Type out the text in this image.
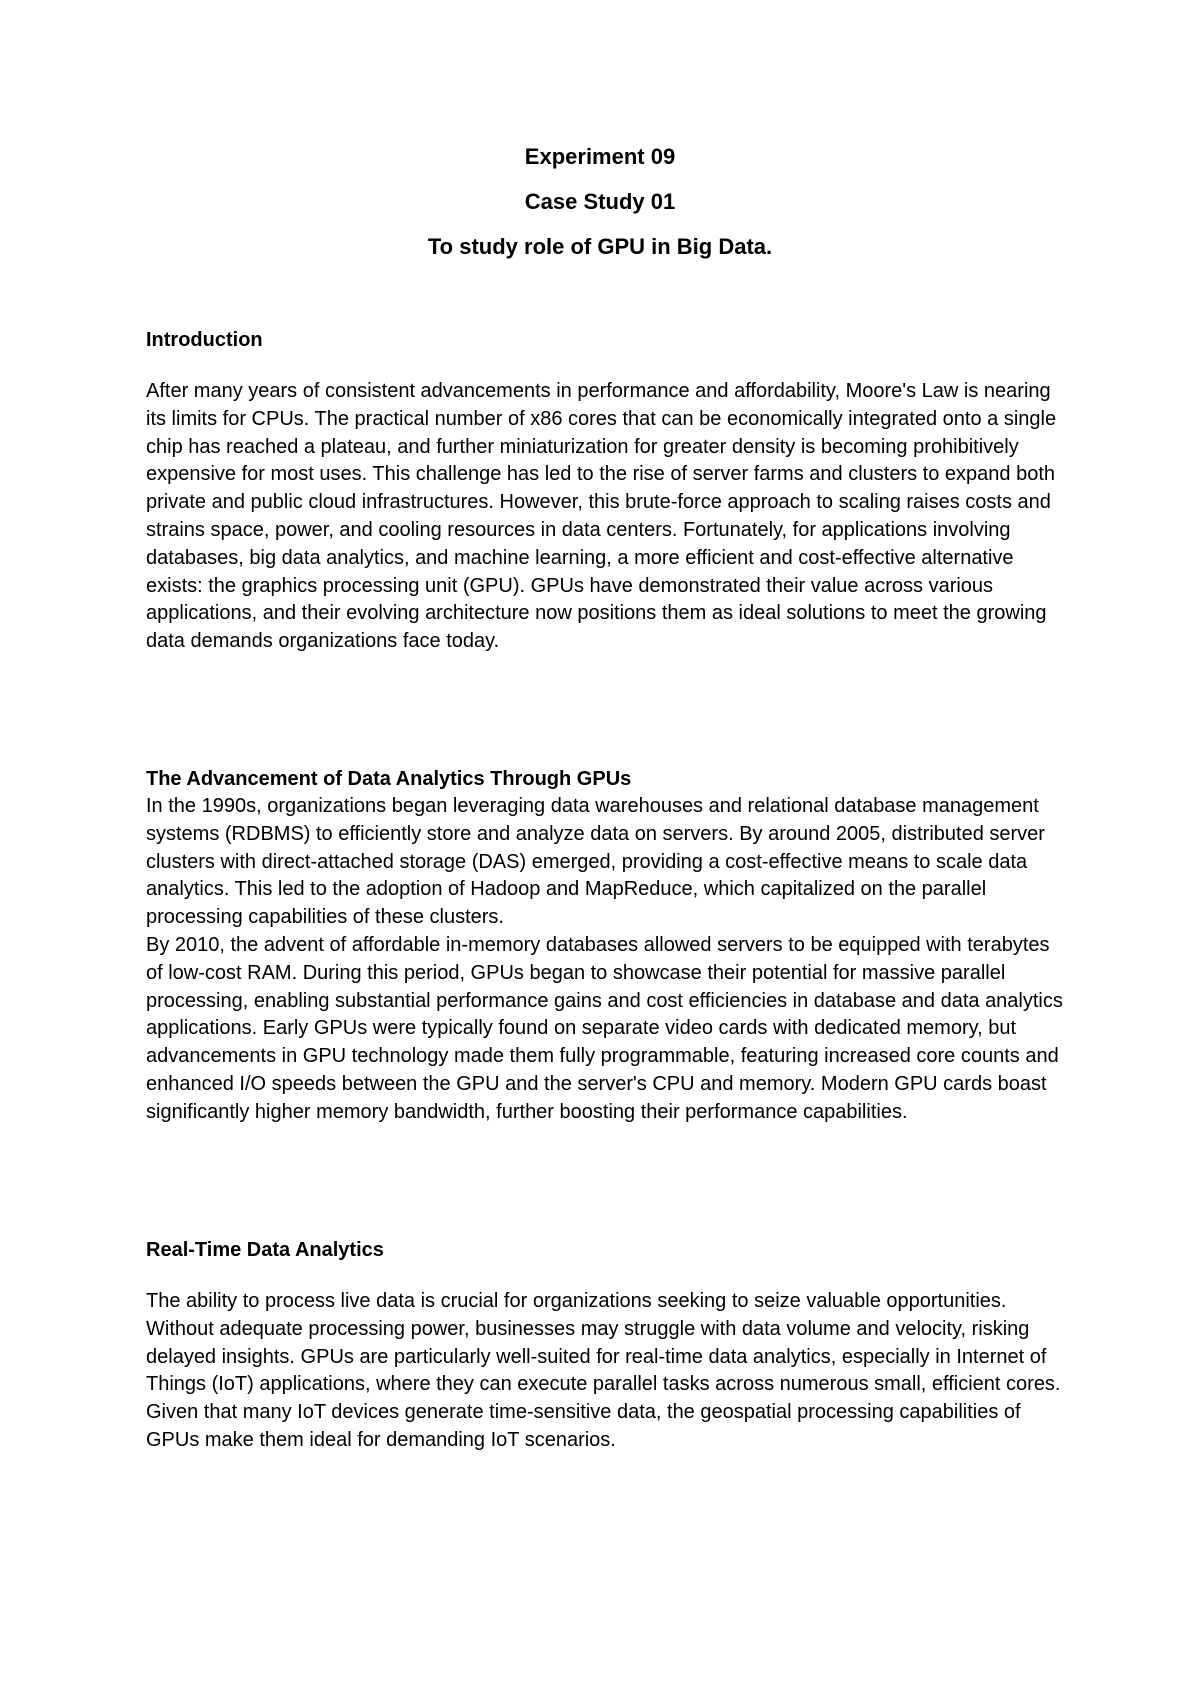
Experiment 09
Case Study 01
To study role of GPU in Big Data.
Introduction

After many years of consistent advancements in performance and affordability, Moore's Law is nearing its limits for CPUs. The practical number of x86 cores that can be economically integrated onto a single chip has reached a plateau, and further miniaturization for greater density is becoming prohibitively expensive for most uses. This challenge has led to the rise of server farms and clusters to expand both private and public cloud infrastructures. However, this brute-force approach to scaling raises costs and strains space, power, and cooling resources in data centers. Fortunately, for applications involving databases, big data analytics, and machine learning, a more efficient and cost-effective alternative exists: the graphics processing unit (GPU). GPUs have demonstrated their value across various applications, and their evolving architecture now positions them as ideal solutions to meet the growing data demands organizations face today.

The Advancement of Data Analytics Through GPUs

In the 1990s, organizations began leveraging data warehouses and relational database management systems (RDBMS) to efficiently store and analyze data on servers. By around 2005, distributed server clusters with direct-attached storage (DAS) emerged, providing a cost-effective means to scale data analytics. This led to the adoption of Hadoop and MapReduce, which capitalized on the parallel processing capabilities of these clusters.

By 2010, the advent of affordable in-memory databases allowed servers to be equipped with terabytes of low-cost RAM. During this period, GPUs began to showcase their potential for massive parallel processing, enabling substantial performance gains and cost efficiencies in database and data analytics applications. Early GPUs were typically found on separate video cards with dedicated memory, but advancements in GPU technology made them fully programmable, featuring increased core counts and enhanced I/O speeds between the GPU and the server's CPU and memory. Modern GPU cards boast significantly higher memory bandwidth, further boosting their performance capabilities.

Real-Time Data Analytics

The ability to process live data is crucial for organizations seeking to seize valuable opportunities. Without adequate processing power, businesses may struggle with data volume and velocity, risking delayed insights. GPUs are particularly well-suited for real-time data analytics, especially in Internet of Things (IoT) applications, where they can execute parallel tasks across numerous small, efficient cores. Given that many IoT devices generate time-sensitive data, the geospatial processing capabilities of GPUs make them ideal for demanding IoT scenarios.
